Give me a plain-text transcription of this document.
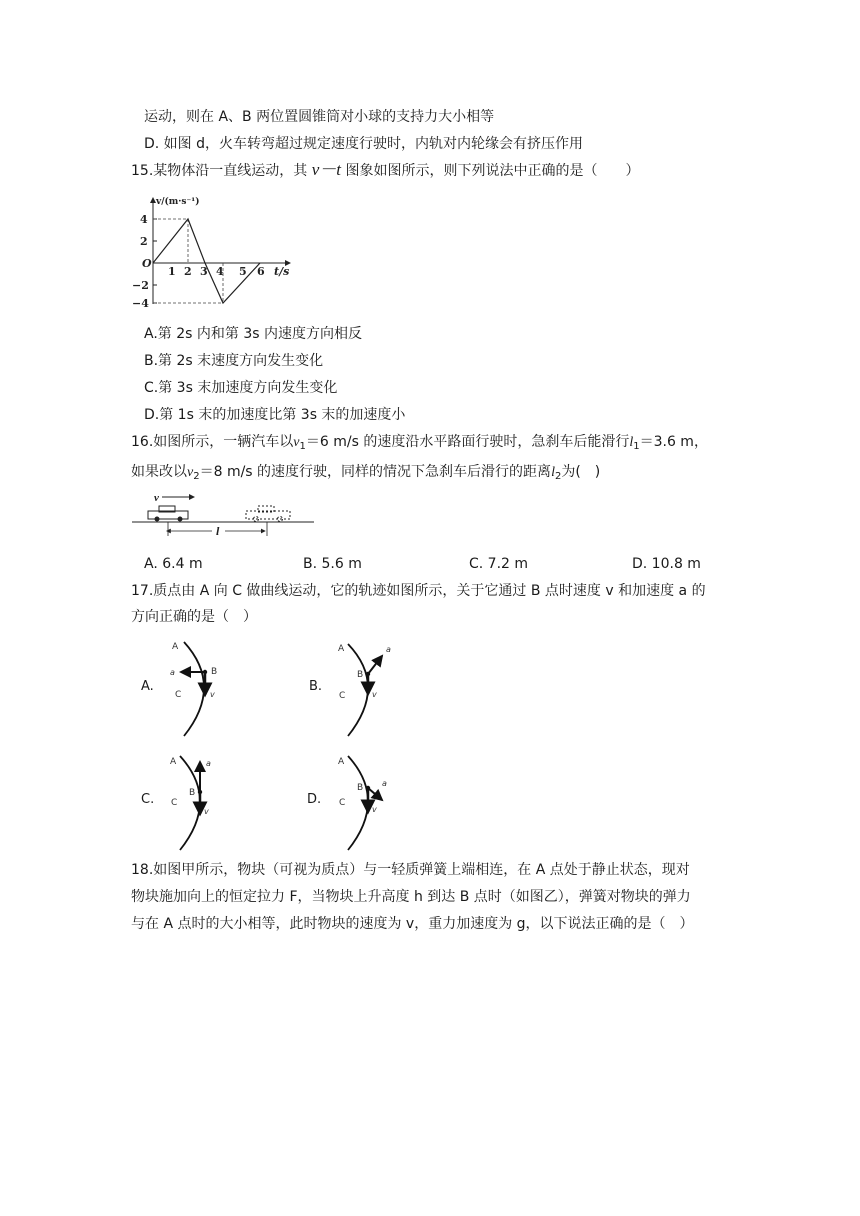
运动，则在 A、B 两位置圆锥筒对小球的支持力大小相等
D. 如图 d，火车转弯超过规定速度行驶时，内轨对内轮缘会有挤压作用
15.某物体沿一直线运动，其 v－t 图象如图所示，则下列说法中正确的是（　　）
v/(m·s⁻¹)
4
2
O
−2
−4
1 2 3 4 5 6 t/s
A.第 2s 内和第 3s 内速度方向相反
B.第 2s 末速度方向发生变化
C.第 3s 末加速度方向发生变化
D.第 1s 末的加速度比第 3s 末的加速度小
16.如图所示，一辆汽车以$v_1=6$ m/s 的速度沿水平路面行驶时，急刹车后能滑行$l_1=3.6$ m，
如果改以$v_2=8$ m/s 的速度行驶，同样的情况下急刹车后滑行的距离$l_2$为(　)
v
l
A. 6.4 m	B. 5.6 m	C. 7.2 m	D. 10.8 m
17.质点由 A 向 C 做曲线运动，它的轨迹如图所示，关于它通过 B 点时速度 v 和加速度 a 的
方向正确的是（　）
A.	B.
C.	D.
A
B
C
a
v
A
B
C
a
v
A
B
C
a
v
A
B
C
a
v
18.如图甲所示，物块（可视为质点）与一轻质弹簧上端相连，在 A 点处于静止状态，现对
物块施加向上的恒定拉力 F，当物块上升高度 h 到达 B 点时（如图乙），弹簧对物块的弹力
与在 A 点时的大小相等，此时物块的速度为 v，重力加速度为 g，以下说法正确的是（　）
